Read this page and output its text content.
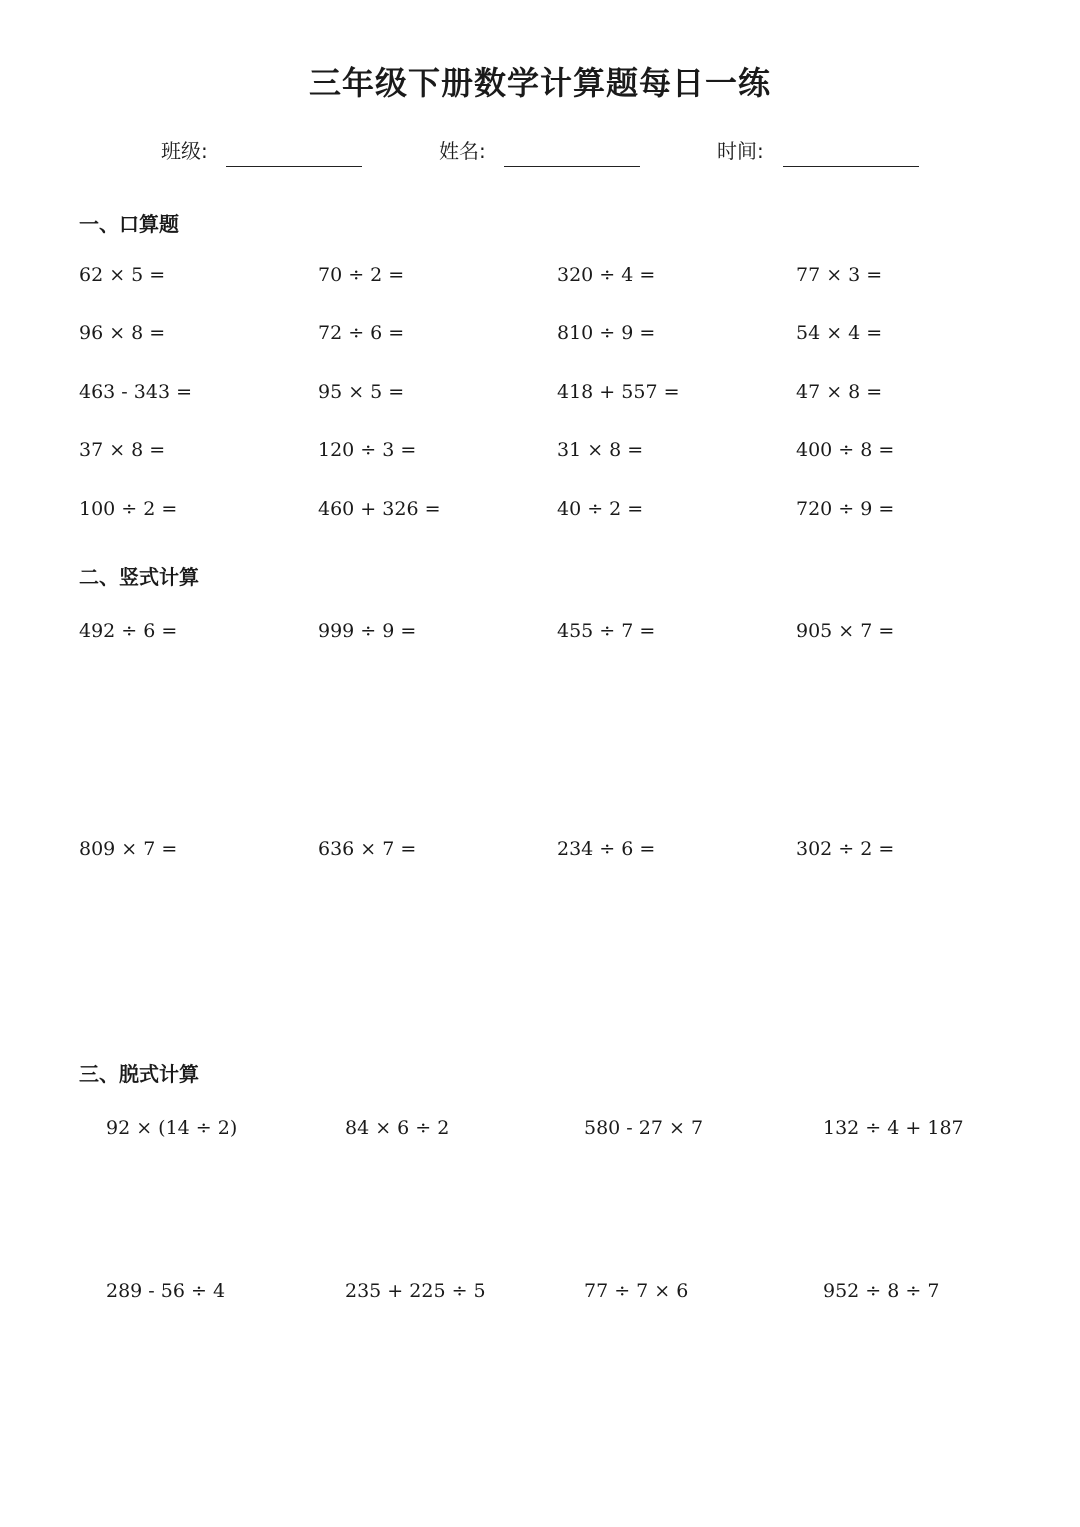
三年级下册数学计算题每日一练
班级:	姓名:	时间:
一、口算题
62 × 5 =	70 ÷ 2 =	320 ÷ 4 =	77 × 3 =
96 × 8 =	72 ÷ 6 =	810 ÷ 9 =	54 × 4 =
463 - 343 =	95 × 5 =	418 + 557 =	47 × 8 =
37 × 8 =	120 ÷ 3 =	31 × 8 =	400 ÷ 8 =
100 ÷ 2 =	460 + 326 =	40 ÷ 2 =	720 ÷ 9 =
二、竖式计算
492 ÷ 6 =	999 ÷ 9 =	455 ÷ 7 =	905 × 7 =
809 × 7 =	636 × 7 =	234 ÷ 6 =	302 ÷ 2 =
三、脱式计算
92 × (14 ÷ 2)	84 × 6 ÷ 2	580 - 27 × 7	132 ÷ 4 + 187
289 - 56 ÷ 4	235 + 225 ÷ 5	77 ÷ 7 × 6	952 ÷ 8 ÷ 7
